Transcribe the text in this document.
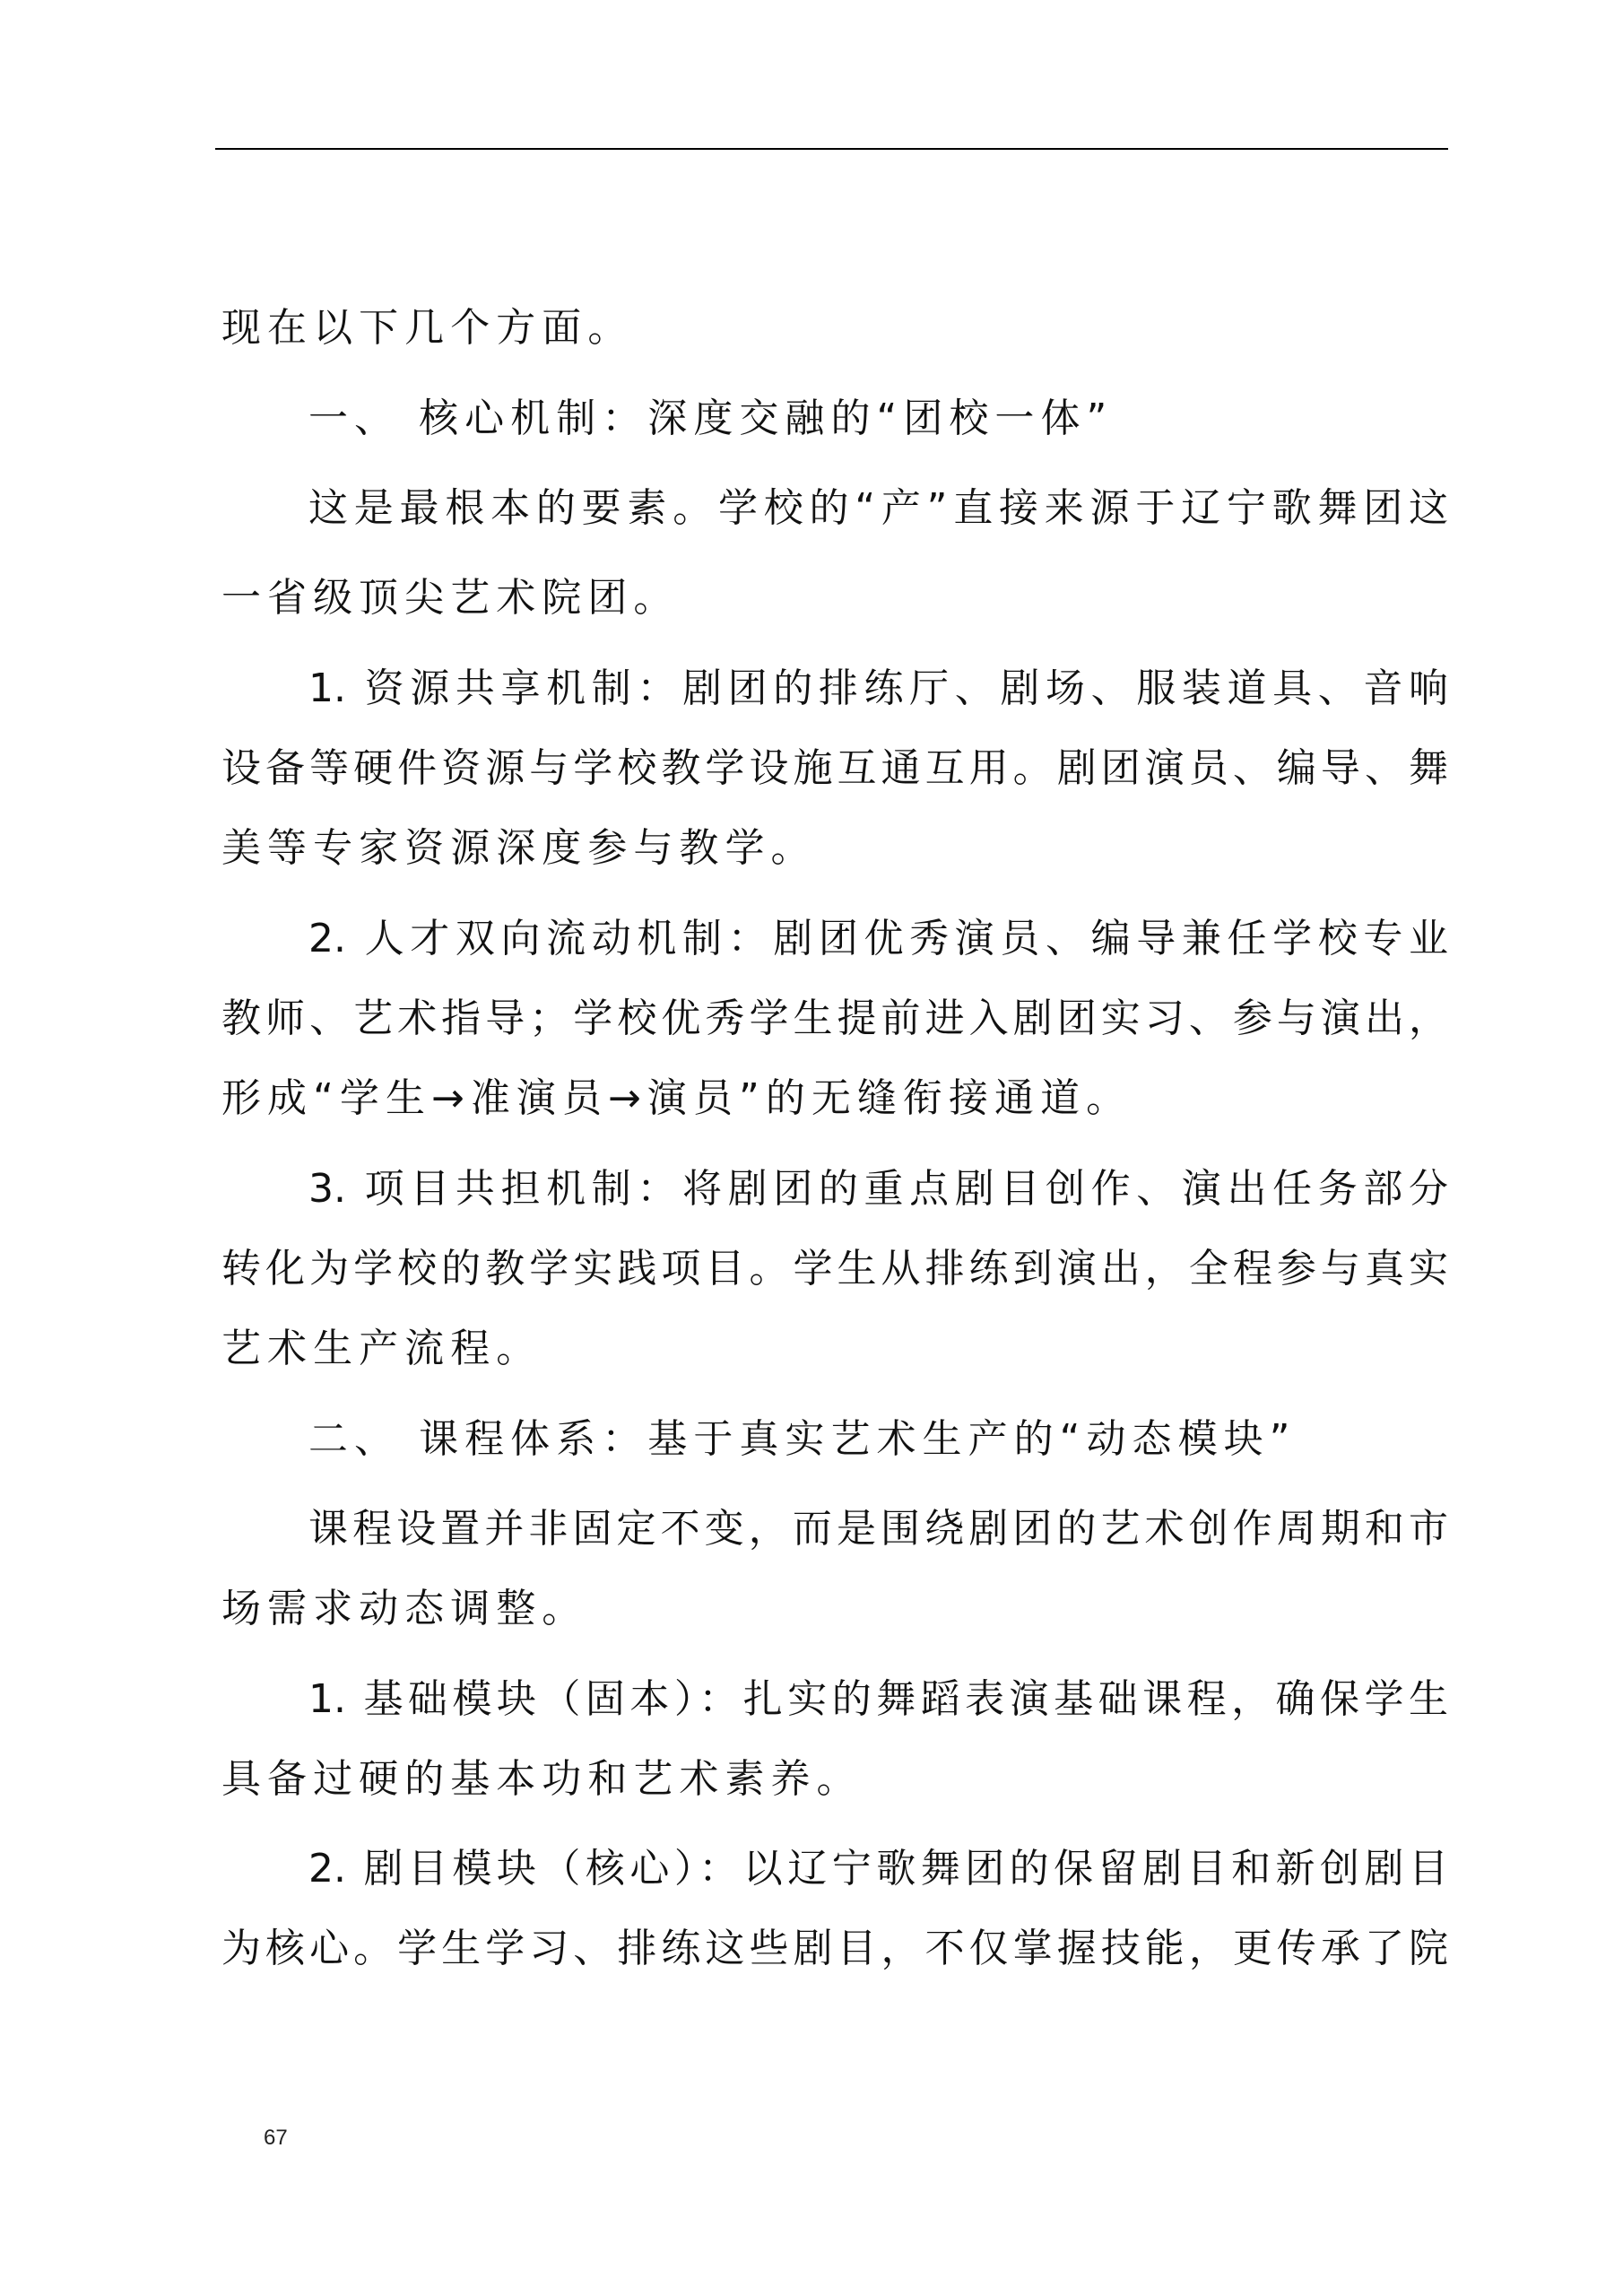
现在以下几个方面。
一、 核心机制：深度交融的“团校一体”
这是最根本的要素。学校的“产”直接来源于辽宁歌舞团这
一省级顶尖艺术院团。
1. 资源共享机制：剧团的排练厅、剧场、服装道具、音响
设备等硬件资源与学校教学设施互通互用。剧团演员、编导、舞
美等专家资源深度参与教学。
2. 人才双向流动机制：剧团优秀演员、编导兼任学校专业
教师、艺术指导；学校优秀学生提前进入剧团实习、参与演出，
形成“学生→准演员→演员”的无缝衔接通道。
3. 项目共担机制：将剧团的重点剧目创作、演出任务部分
转化为学校的教学实践项目。学生从排练到演出，全程参与真实
艺术生产流程。
二、 课程体系：基于真实艺术生产的“动态模块”
课程设置并非固定不变，而是围绕剧团的艺术创作周期和市
场需求动态调整。
1. 基础模块（固本）：扎实的舞蹈表演基础课程，确保学生
具备过硬的基本功和艺术素养。
2. 剧目模块（核心）：以辽宁歌舞团的保留剧目和新创剧目
为核心。学生学习、排练这些剧目，不仅掌握技能，更传承了院
67
